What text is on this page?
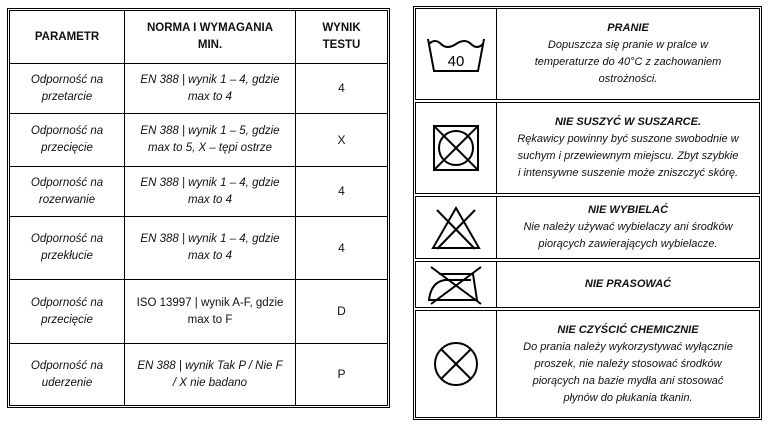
PARAMETR
NORMA I WYMAGANIA
MIN.
WYNIK
TESTU
Odporność na
przetarcie
EN 388 | wynik 1 – 4, gdzie
max to 4
4
Odporność na
przecięcie
EN 388 | wynik 1 – 5, gdzie
max to 5, X – tępi ostrze
X
Odporność na
rozerwanie
EN 388 | wynik 1 – 4, gdzie
max to 4
4
Odporność na
przekłucie
EN 388 | wynik 1 – 4, gdzie
max to 4
4
Odporność na
przecięcie
ISO 13997 | wynik A-F, gdzie
max to F
D
Odporność na
uderzenie
EN 388 | wynik Tak P / Nie F
/ X nie badano
P
40
PRANIE
Dopuszcza się pranie w pralce w
temperaturze do 40°C z zachowaniem
ostrożności.
NIE SUSZYĆ W SUSZARCE.
Rękawicy powinny być suszone swobodnie w
suchym i przewiewnym miejscu. Zbyt szybkie
i intensywne suszenie może zniszczyć skórę.
NIE WYBIELAĆ
Nie należy używać wybielaczy ani środków
piorących zawierających wybielacze.
NIE PRASOWAĆ
NIE CZYŚCIĆ CHEMICZNIE
Do prania należy wykorzystywać wyłącznie
proszek, nie należy stosować środków
piorących na bazie mydła ani stosować
płynów do płukania tkanin.
